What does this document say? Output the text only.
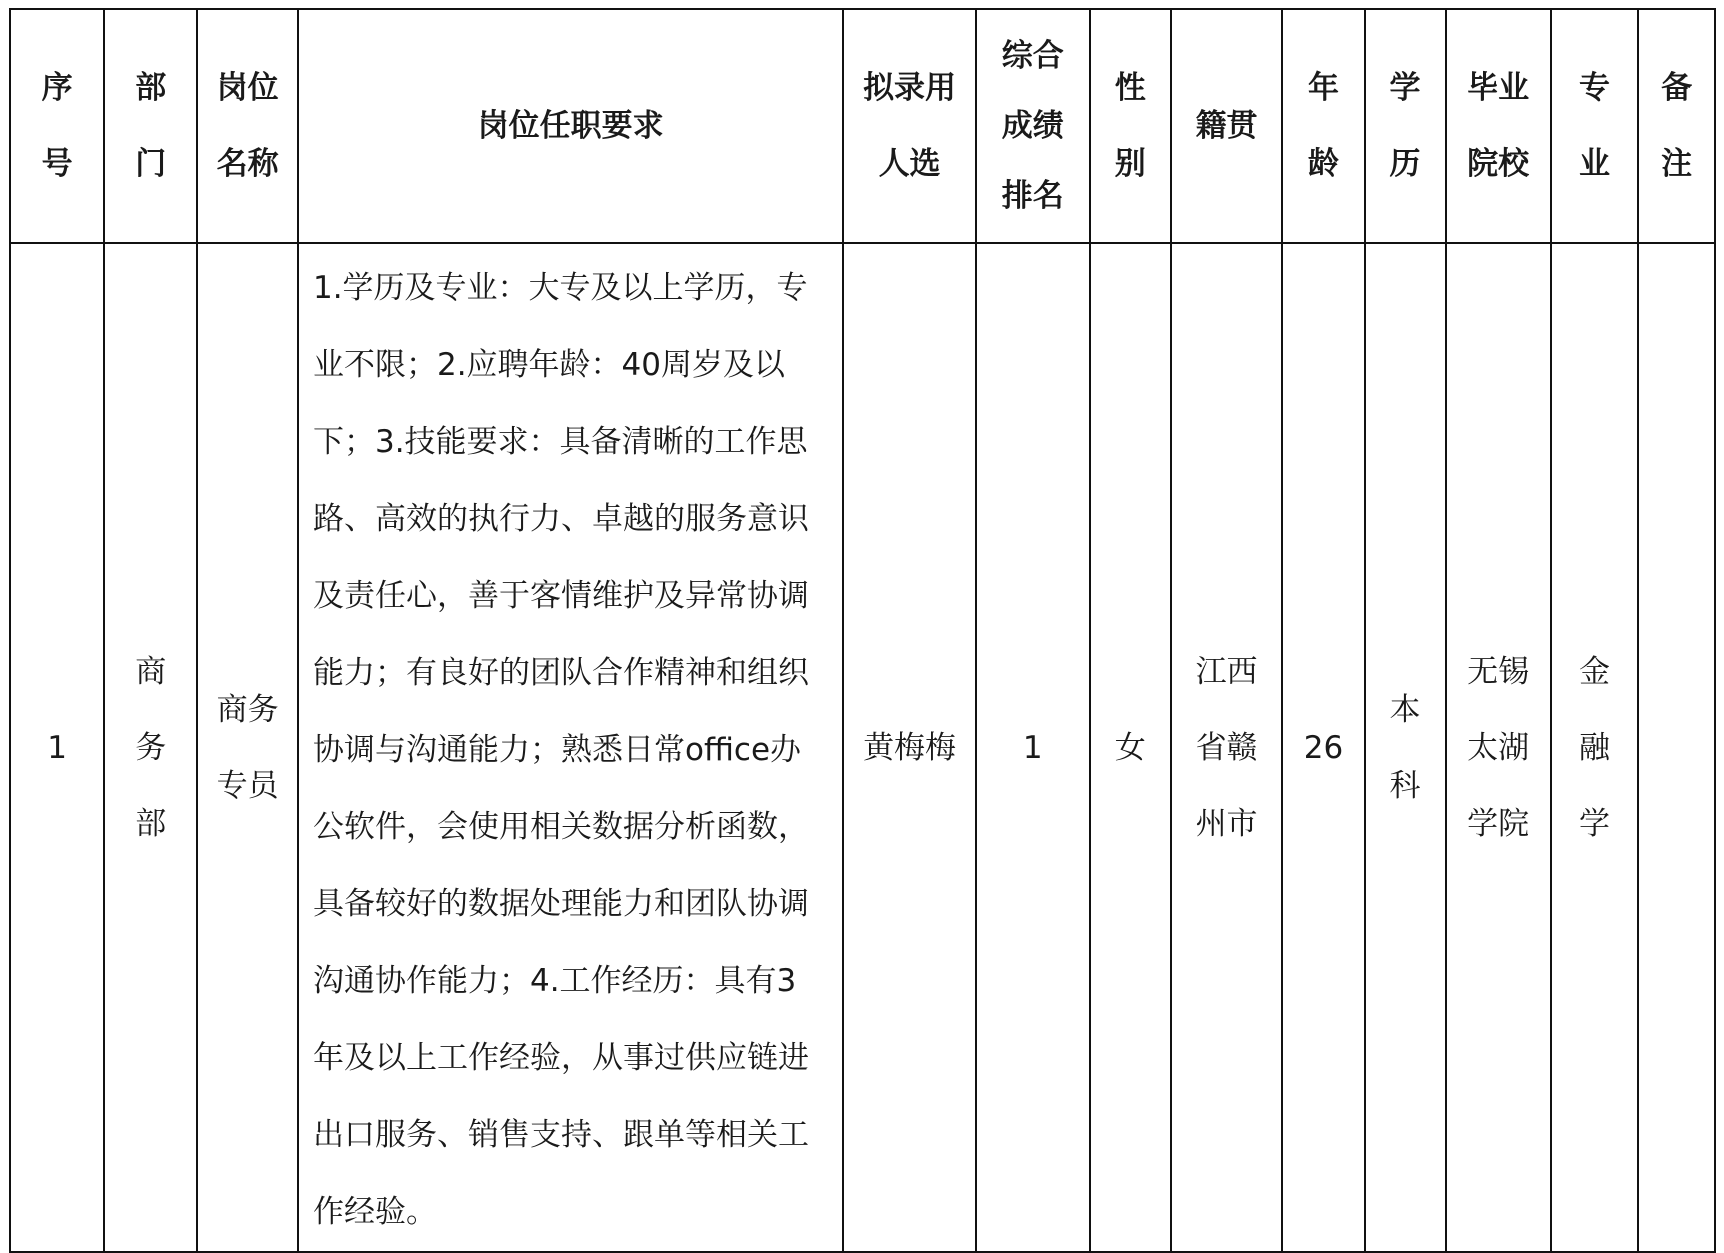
序号	部门	岗位名称	岗位任职要求	拟录用人选	综合成绩排名	性别	籍贯	年龄	学历	毕业院校	专业	备注

1	商务部	商务专员	1.学历及专业：大专及以上学历，专业不限；2.应聘年龄：40周岁及以下；3.技能要求：具备清晰的工作思路、高效的执行力、卓越的服务意识及责任心，善于客情维护及异常协调能力；有良好的团队合作精神和组织协调与沟通能力；熟悉日常office办公软件，会使用相关数据分析函数，具备较好的数据处理能力和团队协调沟通协作能力；4.工作经历：具有3年及以上工作经验，从事过供应链进出口服务、销售支持、跟单等相关工作经验。	黄梅梅	1	女	江西省赣州市	26	本科	无锡太湖学院	金融学	
